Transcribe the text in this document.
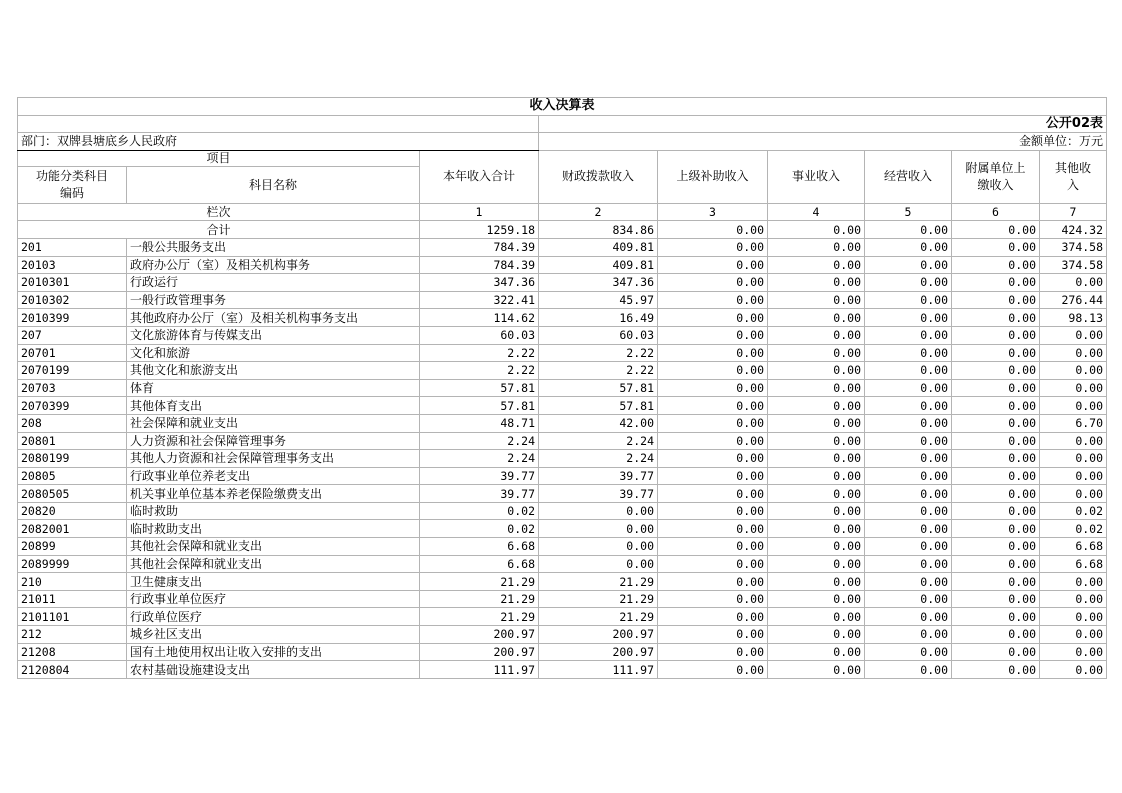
收入决算表								
			公开02表					
部门：双牌县塘底乡人民政府			金额单位：万元					
项目		本年收入合计	财政拨款收入	上级补助收入	事业收入	经营收入	附属单位上缴收入	其他收入
功能分类科目编码	科目名称							
栏次		1	2	3	4	5	6	7
合计		1259.18	834.86	0.00	0.00	0.00	0.00	424.32
201	一般公共服务支出	784.39	409.81	0.00	0.00	0.00	0.00	374.58
20103	政府办公厅（室）及相关机构事务	784.39	409.81	0.00	0.00	0.00	0.00	374.58
2010301	行政运行	347.36	347.36	0.00	0.00	0.00	0.00	0.00
2010302	一般行政管理事务	322.41	45.97	0.00	0.00	0.00	0.00	276.44
2010399	其他政府办公厅（室）及相关机构事务支出	114.62	16.49	0.00	0.00	0.00	0.00	98.13
207	文化旅游体育与传媒支出	60.03	60.03	0.00	0.00	0.00	0.00	0.00
20701	文化和旅游	2.22	2.22	0.00	0.00	0.00	0.00	0.00
2070199	其他文化和旅游支出	2.22	2.22	0.00	0.00	0.00	0.00	0.00
20703	体育	57.81	57.81	0.00	0.00	0.00	0.00	0.00
2070399	其他体育支出	57.81	57.81	0.00	0.00	0.00	0.00	0.00
208	社会保障和就业支出	48.71	42.00	0.00	0.00	0.00	0.00	6.70
20801	人力资源和社会保障管理事务	2.24	2.24	0.00	0.00	0.00	0.00	0.00
2080199	其他人力资源和社会保障管理事务支出	2.24	2.24	0.00	0.00	0.00	0.00	0.00
20805	行政事业单位养老支出	39.77	39.77	0.00	0.00	0.00	0.00	0.00
2080505	机关事业单位基本养老保险缴费支出	39.77	39.77	0.00	0.00	0.00	0.00	0.00
20820	临时救助	0.02	0.00	0.00	0.00	0.00	0.00	0.02
2082001	临时救助支出	0.02	0.00	0.00	0.00	0.00	0.00	0.02
20899	其他社会保障和就业支出	6.68	0.00	0.00	0.00	0.00	0.00	6.68
2089999	其他社会保障和就业支出	6.68	0.00	0.00	0.00	0.00	0.00	6.68
210	卫生健康支出	21.29	21.29	0.00	0.00	0.00	0.00	0.00
21011	行政事业单位医疗	21.29	21.29	0.00	0.00	0.00	0.00	0.00
2101101	行政单位医疗	21.29	21.29	0.00	0.00	0.00	0.00	0.00
212	城乡社区支出	200.97	200.97	0.00	0.00	0.00	0.00	0.00
21208	国有土地使用权出让收入安排的支出	200.97	200.97	0.00	0.00	0.00	0.00	0.00
2120804	农村基础设施建设支出	111.97	111.97	0.00	0.00	0.00	0.00	0.00
